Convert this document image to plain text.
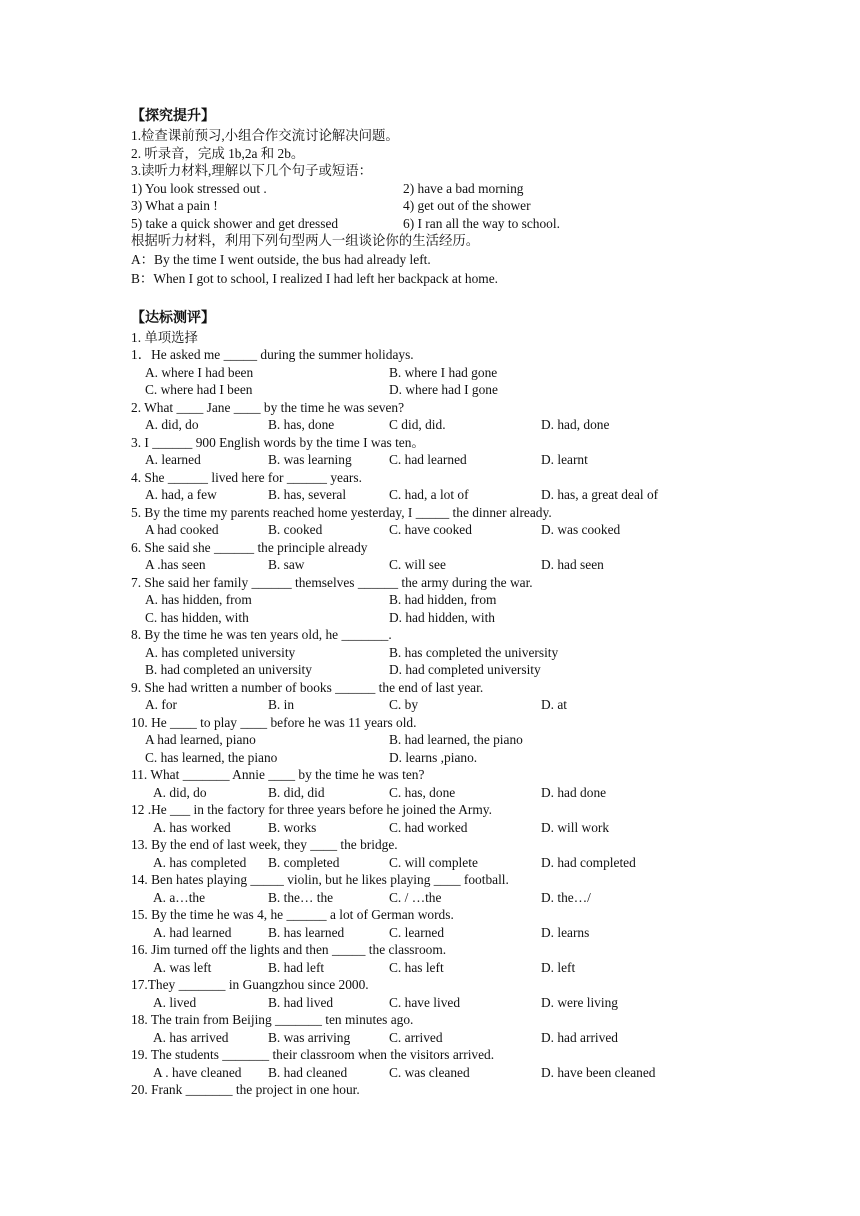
【探究提升】
1.检查课前预习,小组合作交流讨论解决问题。
2. 听录音，完成 1b,2a 和 2b。
3.读听力材料,理解以下几个句子或短语：
1) You look stressed out .	2) have a bad morning
3) What a pain !	4) get out of the shower
5) take a quick shower and get dressed	6) I ran all the way to school.
根据听力材料，利用下列句型两人一组谈论你的生活经历。
A：By the time I went outside, the bus had already left.
B：When I got to school, I realized I had left her backpack at home.
【达标测评】
1. 单项选择
1．He asked me _____ during the summer holidays.
A. where I had been	B. where I had gone
C. where had I been	D. where had I gone
2. What ____ Jane ____ by the time he was seven?
A. did, do	B. has, done	C did, did.	D. had, done
3. I ______ 900 English words by the time I was ten。
A. learned	B. was learning	C. had learned	D. learnt
4. She ______ lived here for ______ years.
A. had, a few	B. has, several	C. had, a lot of	D. has, a great deal of
5. By the time my parents reached home yesterday, I _____ the dinner already.
A had cooked	B. cooked	C. have cooked	D. was cooked
6. She said she ______ the principle already
A .has seen	B. saw	C. will see	D. had seen
7. She said her family ______ themselves ______ the army during the war.
A. has hidden, from	B. had hidden, from
C. has hidden, with	D. had hidden, with
8. By the time he was ten years old, he _______.
A. has completed university	B. has completed the university
B. had completed an university	D. had completed university
9. She had written a number of books ______ the end of last year.
A. for	B. in	C. by	D. at
10. He ____ to play ____ before he was 11 years old.
A had learned, piano	B. had learned, the piano
C. has learned, the piano	D. learns ,piano.
11. What _______ Annie ____ by the time he was ten?
A. did, do	B. did, did	C. has, done	D. had done
12 .He ___ in the factory for three years before he joined the Army.
A. has worked	B. works	C. had worked	D. will work
13. By the end of last week, they ____ the bridge.
A. has completed B. completed	C. will complete	D. had completed
14. Ben hates playing _____ violin, but he likes playing ____ football.
A. a…the	B. the… the	C. / …the	D. the…/
15. By the time he was 4, he ______ a lot of German words.
A. had learned	B. has learned	C. learned	D. learns
16. Jim turned off the lights and then _____ the classroom.
A. was left	B. had left	C. has left	D. left
17.They _______ in Guangzhou since 2000.
A. lived	B. had lived	C. have lived	D. were living
18. The train from Beijing _______ ten minutes ago.
A. has arrived	B. was arriving	C. arrived	D. had arrived
19. The students _______ their classroom when the visitors arrived.
A . have cleaned B. had cleaned	C. was cleaned	D. have been cleaned
20. Frank _______ the project in one hour.
